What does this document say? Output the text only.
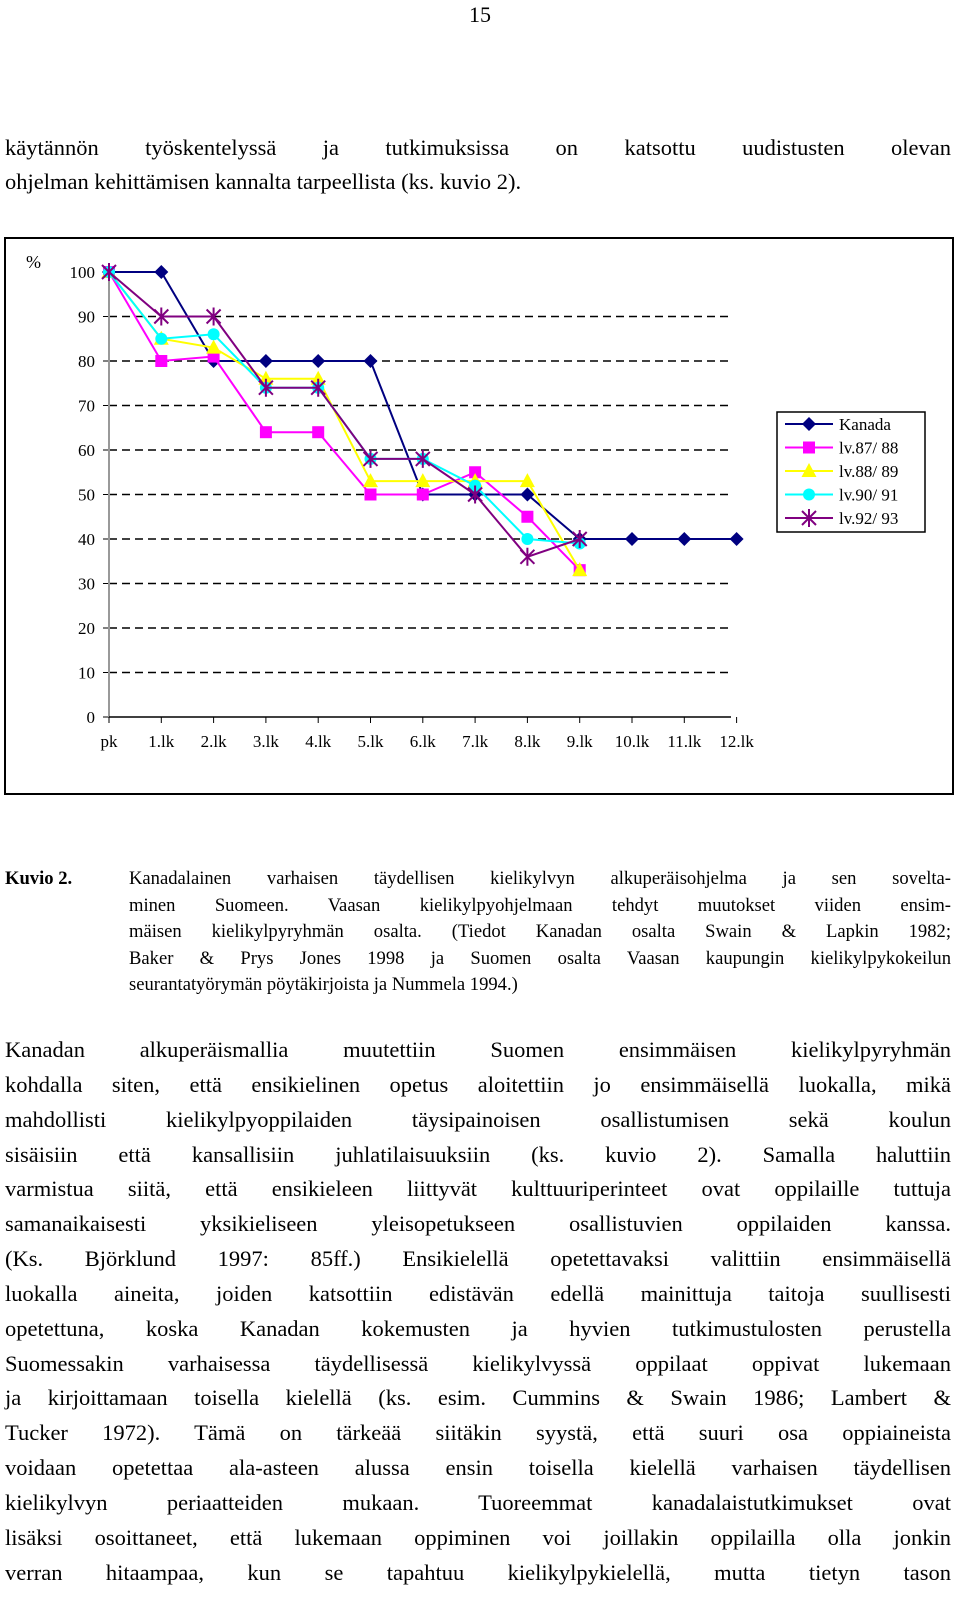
15
käytännön työskentelyssä ja tutkimuksissa on katsottu uudistusten olevan
ohjelman kehittämisen kannalta tarpeellista (ks. kuvio 2).
%
0
10
20
30
40
50
60
70
80
90
100
pk 1.lk 2.lk 3.lk 4.lk 5.lk 6.lk 7.lk 8.lk 9.lk 10.lk 11.lk 12.lk
Kanada
lv.87/ 88
lv.88/ 89
lv.90/ 91
lv.92/ 93
Kuvio 2.	Kanadalainen varhaisen täydellisen kielikylvyn alkuperäisohjelma ja sen sovelta-
minen Suomeen. Vaasan kielikylpyohjelmaan tehdyt muutokset viiden ensim-
mäisen kielikylpyryhmän osalta. (Tiedot Kanadan osalta Swain & Lapkin 1982;
Baker & Prys Jones 1998 ja Suomen osalta Vaasan kaupungin kielikylpykokeilun
seurantatyörymän pöytäkirjoista ja Nummela 1994.)
Kanadan alkuperäismallia muutettiin Suomen ensimmäisen kielikylpyryhmän
kohdalla siten, että ensikielinen opetus aloitettiin jo ensimmäisellä luokalla, mikä
mahdollisti kielikylpyoppilaiden täysipainoisen osallistumisen sekä koulun
sisäisiin että kansallisiin juhlatilaisuuksiin (ks. kuvio 2). Samalla haluttiin
varmistua siitä, että ensikieleen liittyvät kulttuuriperinteet ovat oppilaille tuttuja
samanaikaisesti yksikieliseen yleisopetukseen osallistuvien oppilaiden kanssa.
(Ks. Björklund 1997: 85ff.) Ensikielellä opetettavaksi valittiin ensimmäisellä
luokalla aineita, joiden katsottiin edistävän edellä mainittuja taitoja suullisesti
opetettuna, koska Kanadan kokemusten ja hyvien tutkimustulosten perustella
Suomessakin varhaisessa täydellisessä kielikylvyssä oppilaat oppivat lukemaan
ja kirjoittamaan toisella kielellä (ks. esim. Cummins & Swain 1986; Lambert &
Tucker 1972). Tämä on tärkeää siitäkin syystä, että suuri osa oppiaineista
voidaan opetettaa ala-asteen alussa ensin toisella kielellä varhaisen täydellisen
kielikylvyn periaatteiden mukaan. Tuoreemmat kanadalaistutkimukset ovat
lisäksi osoittaneet, että lukemaan oppiminen voi joillakin oppilailla olla jonkin
verran hitaampaa, kun se tapahtuu kielikylpykielellä, mutta tietyn tason
